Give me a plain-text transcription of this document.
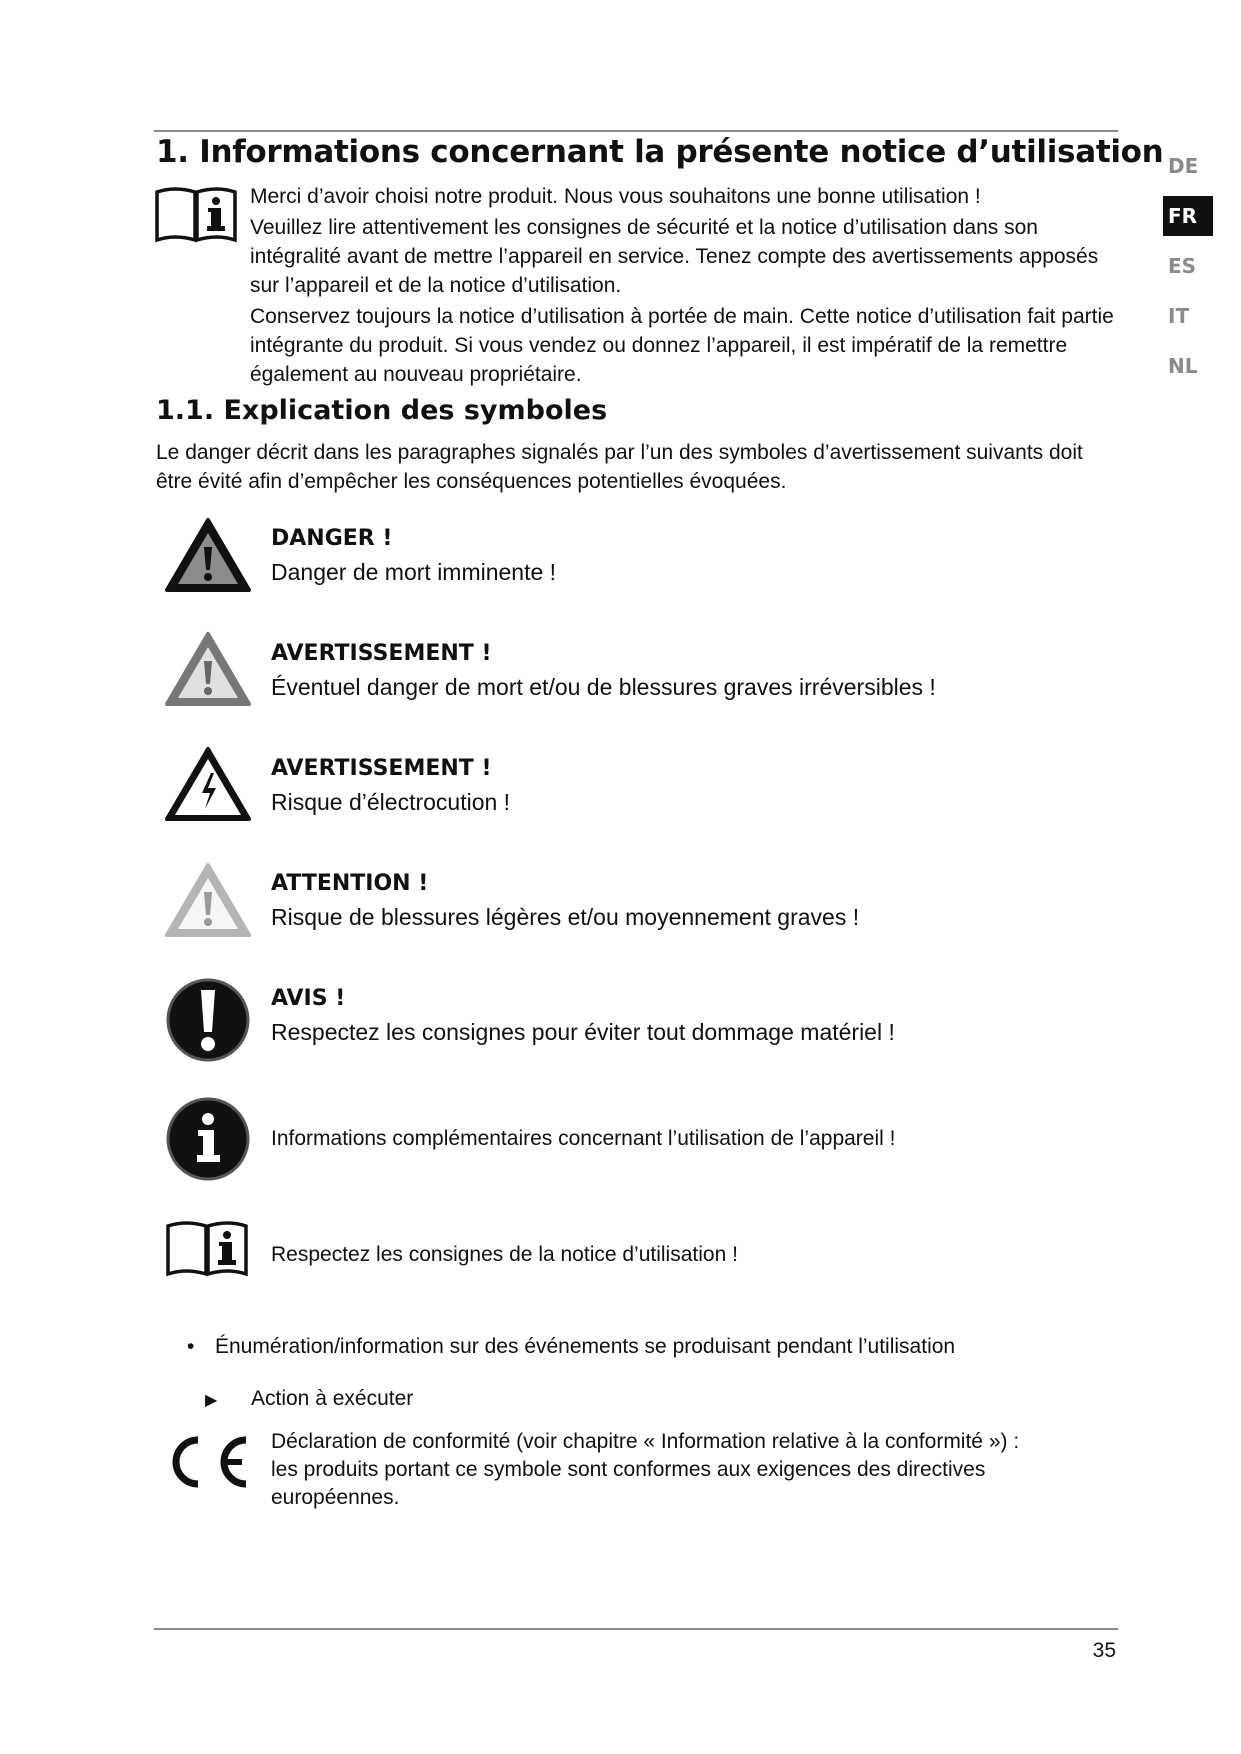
1. Informations concernant la présente notice d’utilisation DE
FR
ES
IT
NL

Merci d’avoir choisi notre produit. Nous vous souhaitons une bonne utilisation !

Veuillez lire attentivement les consignes de sécurité et la notice d’utilisation dans son intégralité avant de mettre l’appareil en service. Tenez compte des avertissements apposés sur l’appareil et de la notice d’utilisation.

Conservez toujours la notice d’utilisation à portée de main. Cette notice d’utilisation fait partie intégrante du produit. Si vous vendez ou donnez l’appareil, il est impératif de la remettre également au nouveau propriétaire.

1.1. Explication des symboles

Le danger décrit dans les paragraphes signalés par l’un des symboles d’avertissement suivants doit être évité afin d’empêcher les conséquences potentielles évoquées.

DANGER !
Danger de mort imminente !
AVERTISSEMENT !
Éventuel danger de mort et/ou de blessures graves irréversibles !
AVERTISSEMENT !
Risque d’électrocution !
ATTENTION !
Risque de blessures légères et/ou moyennement graves !
AVIS !
Respectez les consignes pour éviter tout dommage matériel !
Informations complémentaires concernant l’utilisation de l’appareil !
Respectez les consignes de la notice d’utilisation !
• Énumération/information sur des événements se produisant pendant l’utilisation
▶ Action à exécuter

Déclaration de conformité (voir chapitre « Information relative à la conformité ») :

les produits portant ce symbole sont conformes aux exigences des directives européennes.

35
